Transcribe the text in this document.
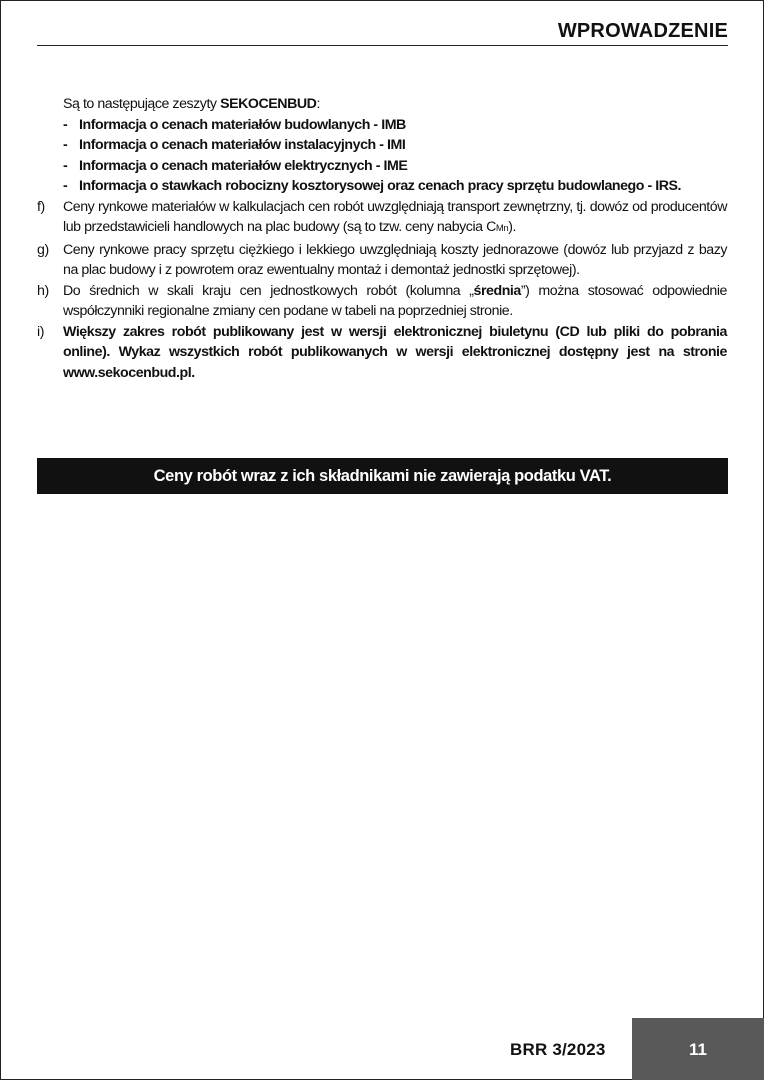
WPROWADZENIE
Są to następujące zeszyty SEKOCENBUD:
- Informacja o cenach materiałów budowlanych - IMB
- Informacja o cenach materiałów instalacyjnych - IMI
- Informacja o cenach materiałów elektrycznych - IME
- Informacja o stawkach robocizny kosztorysowej oraz cenach pracy sprzętu budowlanego - IRS.
f)	Ceny rynkowe materiałów w kalkulacjach cen robót uwzględniają transport zewnętrzny, tj. dowóz od producentów lub przedstawicieli handlowych na plac budowy (są to tzw. ceny nabycia CMn).
g)	Ceny rynkowe pracy sprzętu ciężkiego i lekkiego uwzględniają koszty jednorazowe (dowóz lub przyjazd z bazy na plac budowy i z powrotem oraz ewentualny montaż i demontaż jednostki sprzętowej).
h)	Do średnich w skali kraju cen jednostkowych robót (kolumna „średnia”) można stosować odpowiednie współczynniki regionalne zmiany cen podane w tabeli na poprzedniej stronie.
i)	Większy zakres robót publikowany jest w wersji elektronicznej biuletynu (CD lub pliki do pobrania online). Wykaz wszystkich robót publikowanych w wersji elektronicznej dostępny jest na stronie www.sekocenbud.pl.
Ceny robót wraz z ich składnikami nie zawierają podatku VAT.
BRR 3/2023	11
